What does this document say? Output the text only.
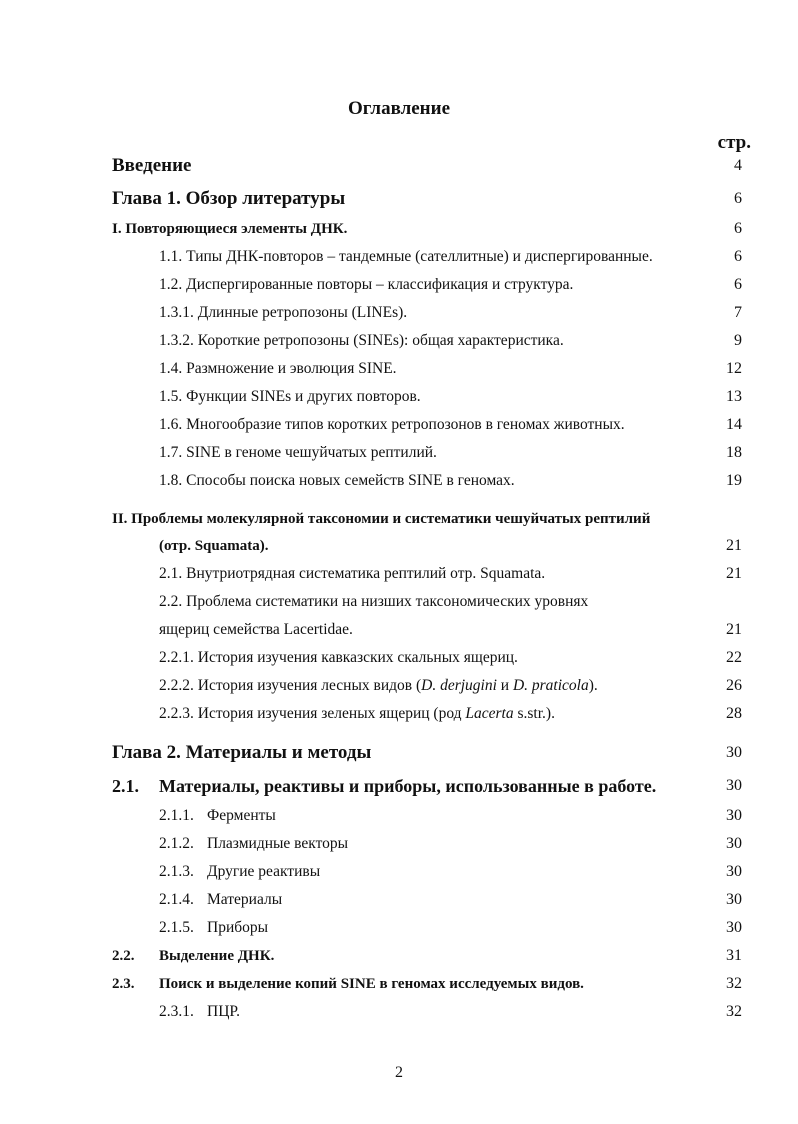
Оглавление
стр.
Введение	4
Глава 1. Обзор литературы	6
I. Повторяющиеся элементы ДНК.	6
1.1. Типы ДНК-повторов – тандемные (сателлитные) и диспергированные.	6
1.2. Диспергированные повторы – классификация и структура.	6
1.3.1. Длинные ретропозоны (LINEs).	7
1.3.2. Короткие ретропозоны (SINEs): общая характеристика.	9
1.4. Размножение и эволюция SINE.	12
1.5. Функции SINEs и других повторов.	13
1.6. Многообразие типов коротких ретропозонов в геномах животных.	14
1.7. SINE в геноме чешуйчатых рептилий.	18
1.8. Способы поиска новых семейств SINE в геномах.	19
II. Проблемы молекулярной таксономии и систематики чешуйчатых рептилий
(отр. Squamata).	21
2.1. Внутриотрядная систематика рептилий отр. Squamata.	21
2.2. Проблема систематики на низших таксономических уровнях
ящериц семейства Lacertidae.	21
2.2.1. История изучения кавказских скальных ящериц.	22
2.2.2. История изучения лесных видов (D. derjugini и D. praticola).	26
2.2.3. История изучения зеленых ящериц (род Lacerta s.str.).	28
Глава 2. Материалы и методы	30
2.1. Материалы, реактивы и приборы, использованные в работе.	30
2.1.1. Ферменты	30
2.1.2. Плазмидные векторы	30
2.1.3. Другие реактивы	30
2.1.4. Материалы	30
2.1.5. Приборы	30
2.2. Выделение ДНК.	31
2.3. Поиск и выделение копий SINE в геномах исследуемых видов.	32
2.3.1. ПЦР.	32
2
